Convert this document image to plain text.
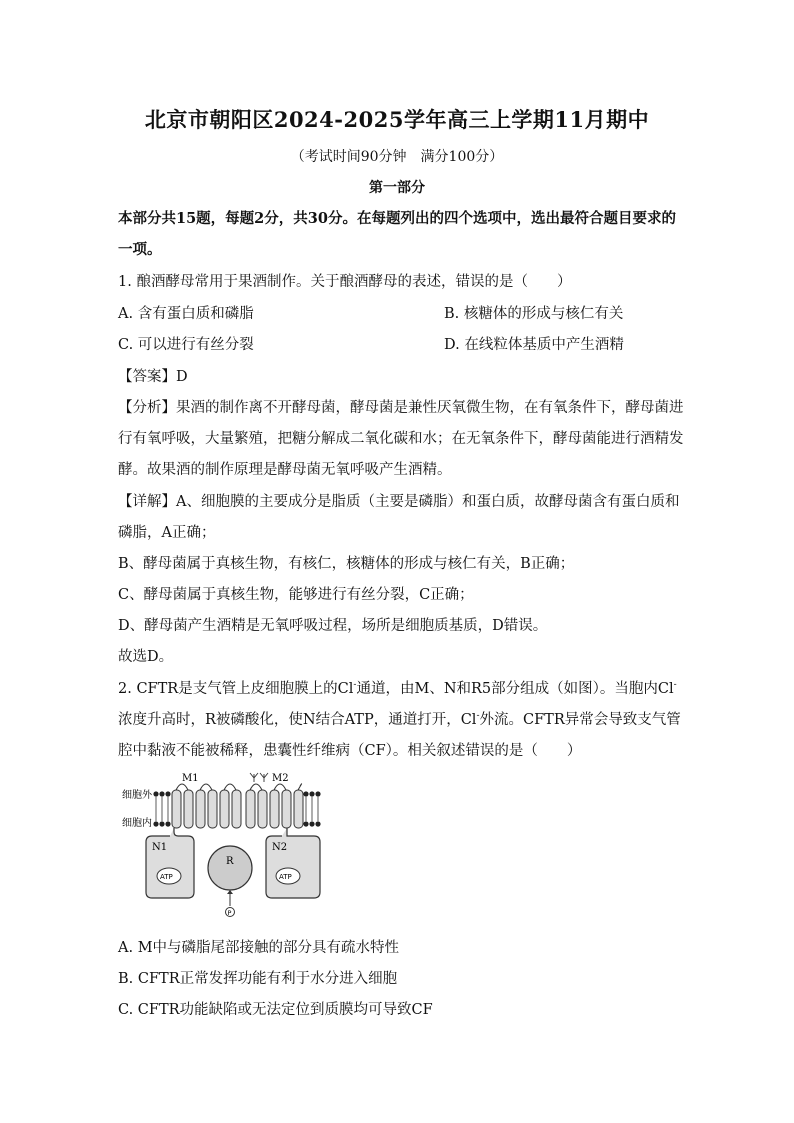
北京市朝阳区2024-2025学年高三上学期11月期中
（考试时间90分钟　满分100分）
第一部分
本部分共15题，每题2分，共30分。在每题列出的四个选项中，选出最符合题目要求的
一项。
1. 酿酒酵母常用于果酒制作。关于酿酒酵母的表述，错误的是（　　）
A. 含有蛋白质和磷脂	B. 核糖体的形成与核仁有关
C. 可以进行有丝分裂	D. 在线粒体基质中产生酒精
【答案】D
【分析】果酒的制作离不开酵母菌，酵母菌是兼性厌氧微生物，在有氧条件下，酵母菌进
行有氧呼吸，大量繁殖，把糖分解成二氧化碳和水；在无氧条件下，酵母菌能进行酒精发
酵。故果酒的制作原理是酵母菌无氧呼吸产生酒精。
【详解】A、细胞膜的主要成分是脂质（主要是磷脂）和蛋白质，故酵母菌含有蛋白质和
磷脂，A正确；
B、酵母菌属于真核生物，有核仁，核糖体的形成与核仁有关，B正确；
C、酵母菌属于真核生物，能够进行有丝分裂，C正确；
D、酵母菌产生酒精是无氧呼吸过程，场所是细胞质基质，D错误。
故选D。
2. CFTR是支气管上皮细胞膜上的Cl-通道，由M、N和R5部分组成（如图）。当胞内Cl-
浓度升高时，R被磷酸化，使N结合ATP，通道打开，Cl-外流。CFTR异常会导致支气管
腔中黏液不能被稀释，患囊性纤维病（CF）。相关叙述错误的是（　　）
细胞外
细胞内
M1	M2
N1	N2
R
ATP	ATP
P
A. M中与磷脂尾部接触的部分具有疏水特性
B. CFTR正常发挥功能有利于水分进入细胞
C. CFTR功能缺陷或无法定位到质膜均可导致CF
